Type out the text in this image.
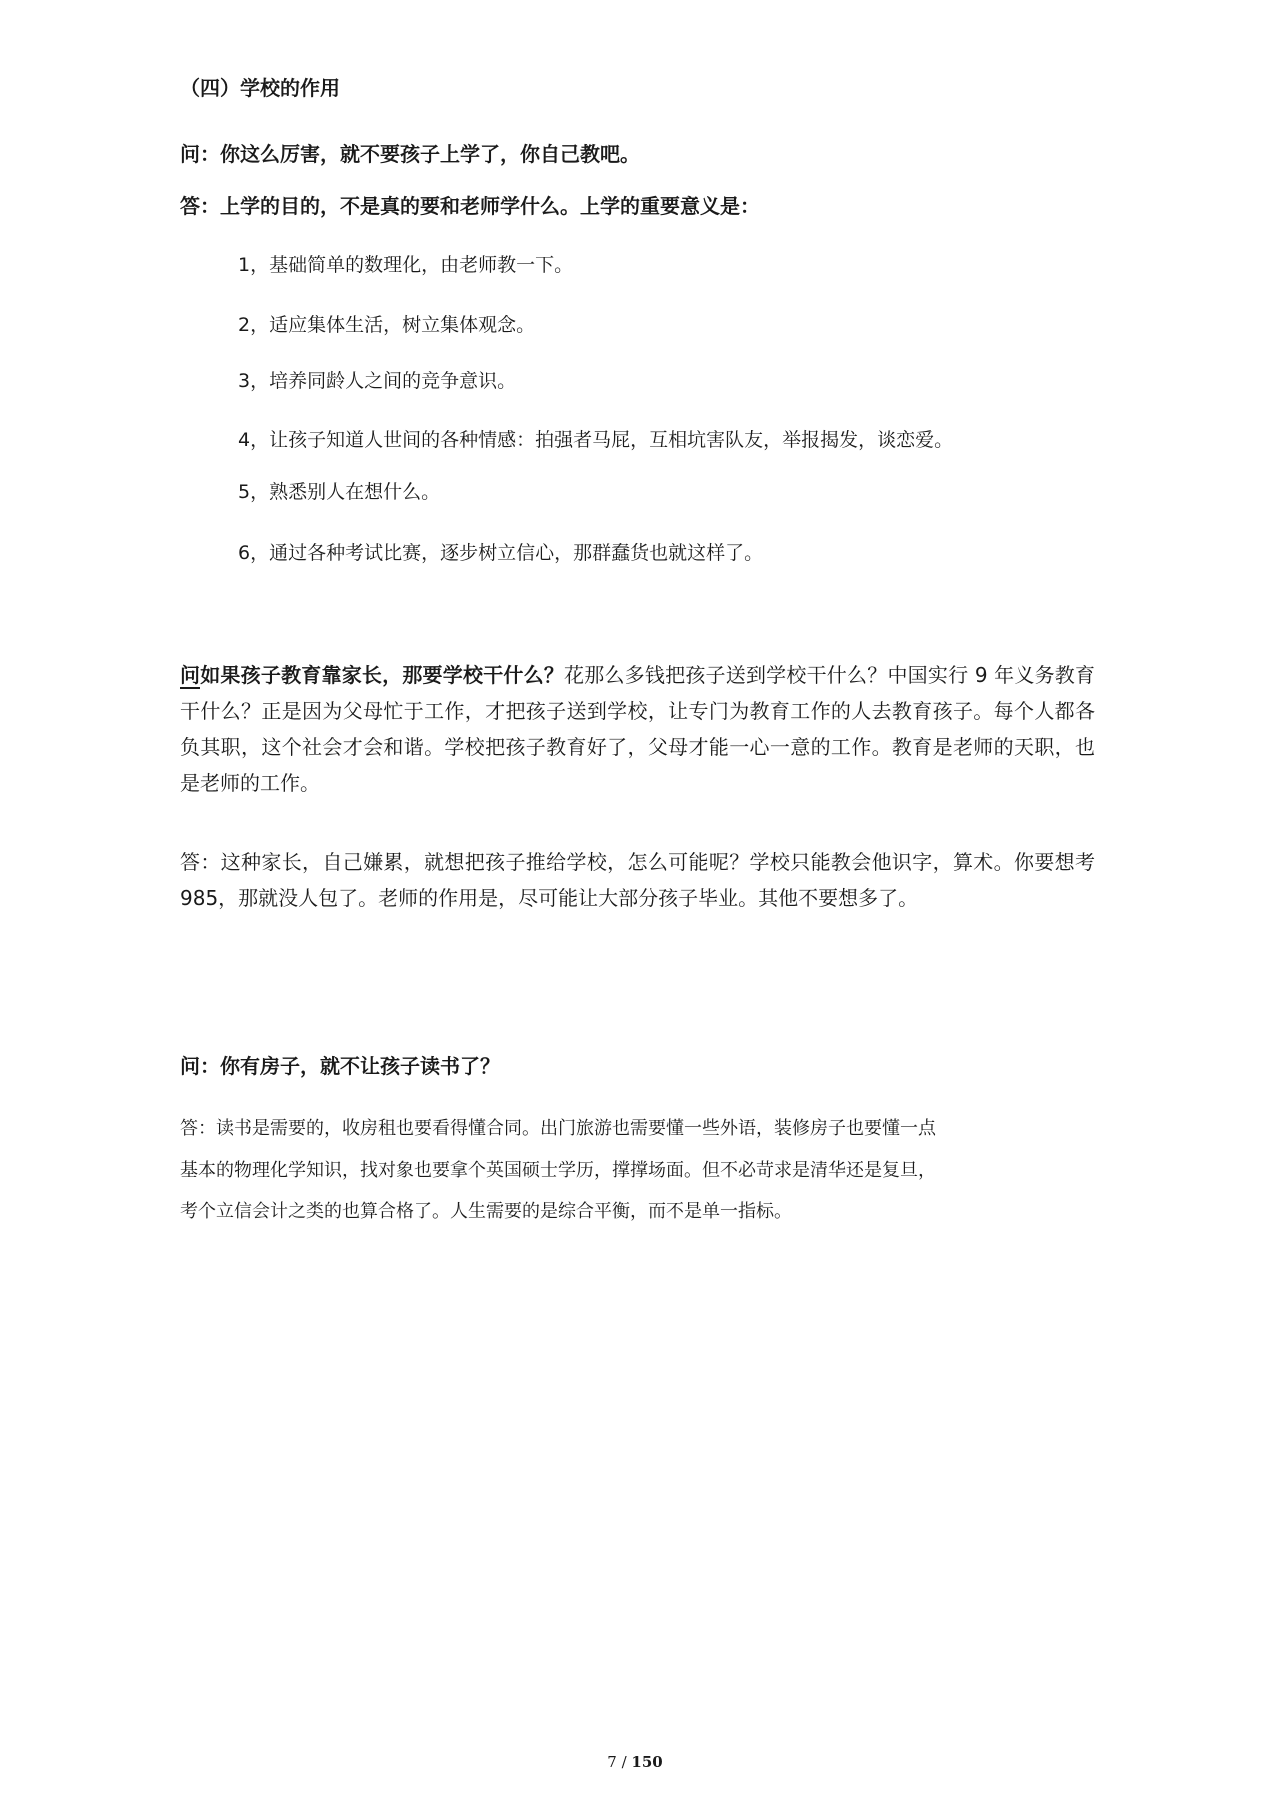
（四）学校的作用

问：你这么厉害，就不要孩子上学了，你自己教吧。

答：上学的目的，不是真的要和老师学什么。上学的重要意义是：

1，基础简单的数理化，由老师教一下。

2，适应集体生活，树立集体观念。

3，培养同龄人之间的竞争意识。

4，让孩子知道人世间的各种情感：拍强者马屁，互相坑害队友，举报揭发，谈恋爱。

5，熟悉别人在想什么。

6，通过各种考试比赛，逐步树立信心，那群蠢货也就这样了。

问如果孩子教育靠家长，那要学校干什么？花那么多钱把孩子送到学校干什么？中国实行 9 年义务教育干什么？正是因为父母忙于工作，才把孩子送到学校，让专门为教育工作的人去教育孩子。每个人都各负其职，这个社会才会和谐。学校把孩子教育好了，父母才能一心一意的工作。教育是老师的天职，也是老师的工作。

答：这种家长，自己嫌累，就想把孩子推给学校，怎么可能呢？学校只能教会他识字，算术。你要想考 985，那就没人包了。老师的作用是，尽可能让大部分孩子毕业。其他不要想多了。

问：你有房子，就不让孩子读书了？

答：读书是需要的，收房租也要看得懂合同。出门旅游也需要懂一些外语，装修房子也要懂一点

基本的物理化学知识，找对象也要拿个英国硕士学历，撑撑场面。但不必苛求是清华还是复旦，

考个立信会计之类的也算合格了。人生需要的是综合平衡，而不是单一指标。

7 / 150
